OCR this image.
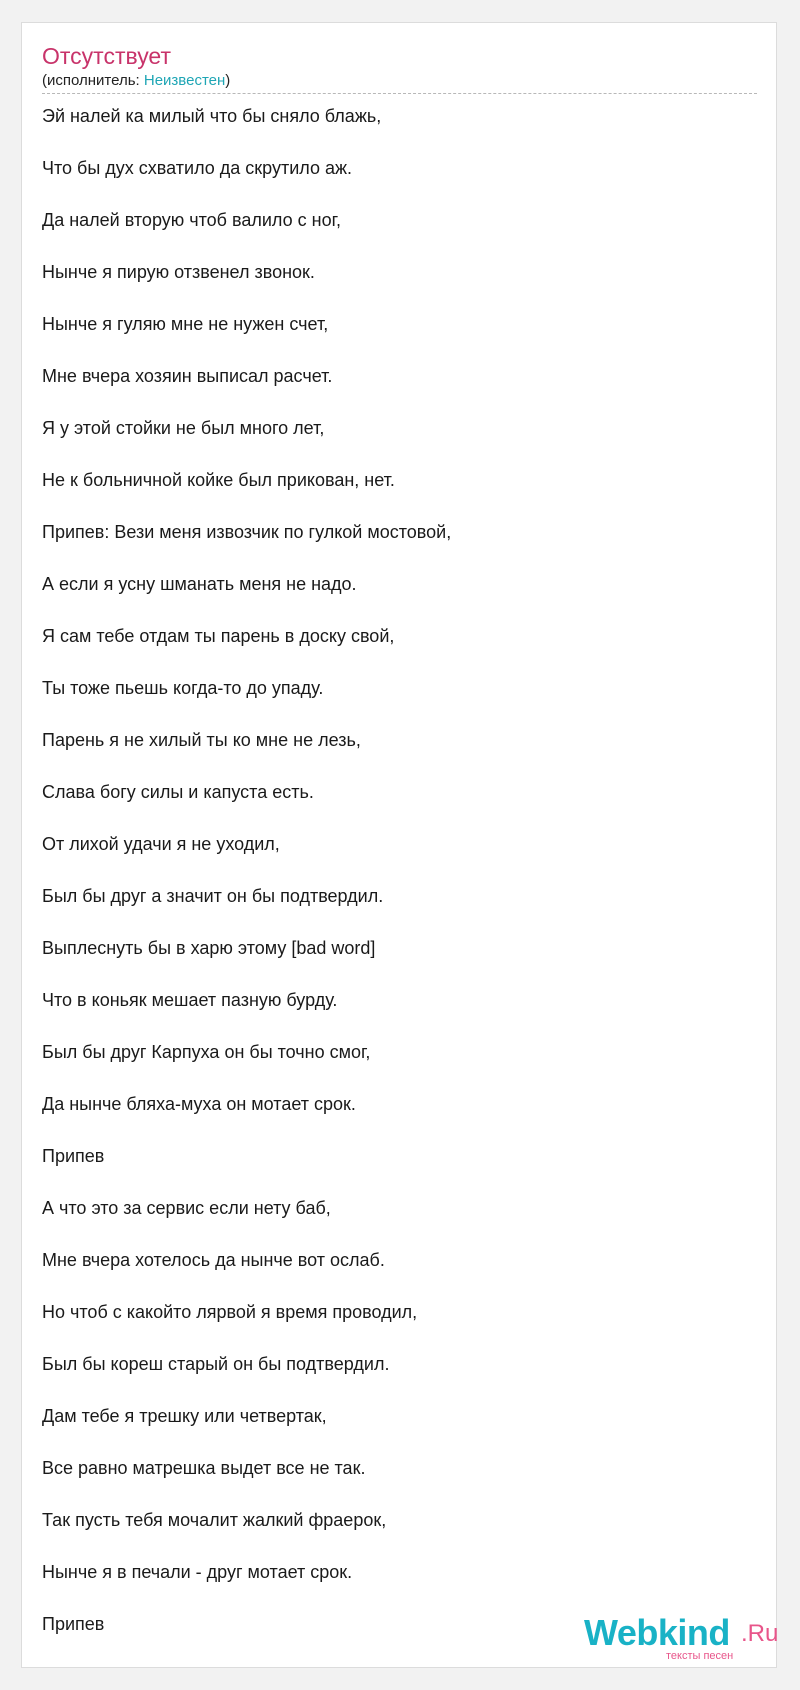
Отсутствует
(исполнитель: Неизвестен)
Эй налей ка милый что бы сняло блажь,
Что бы дух схватило да скрутило аж.
Да налей вторую чтоб валило с ног,
Нынче я пирую отзвенел звонок.
Нынче я гуляю мне не нужен счет,
Мне вчера хозяин выписал расчет.
Я у этой стойки не был много лет,
Не к больничной койке был прикован, нет.
Припев: Вези меня извозчик по гулкой мостовой,
А если я усну шманать меня не надо.
Я сам тебе отдам ты парень в доску свой,
Ты тоже пьешь когда-то до упаду.
Парень я не хилый ты ко мне не лезь,
Слава богу силы и капуста есть.
От лихой удачи я не уходил,
Был бы друг а значит он бы подтвердил.
Выплеснуть бы в харю этому [bad word]
Что в коньяк мешает пазную бурду.
Был бы друг Карпуха он бы точно смог,
Да нынче бляха-муха он мотает срок.
Припев
А что это за сервис если нету баб,
Мне вчера хотелось да нынче вот ослаб.
Но чтоб с какойто лярвой я время проводил,
Был бы кореш старый он бы подтвердил.
Дам тебе я трешку или четвертак,
Все равно матрешка выдет все не так.
Так пусть тебя мочалит жалкий фраерок,
Нынче я в печали - друг мотает срок.
Припев	Webkind .Ru
тексты песен
